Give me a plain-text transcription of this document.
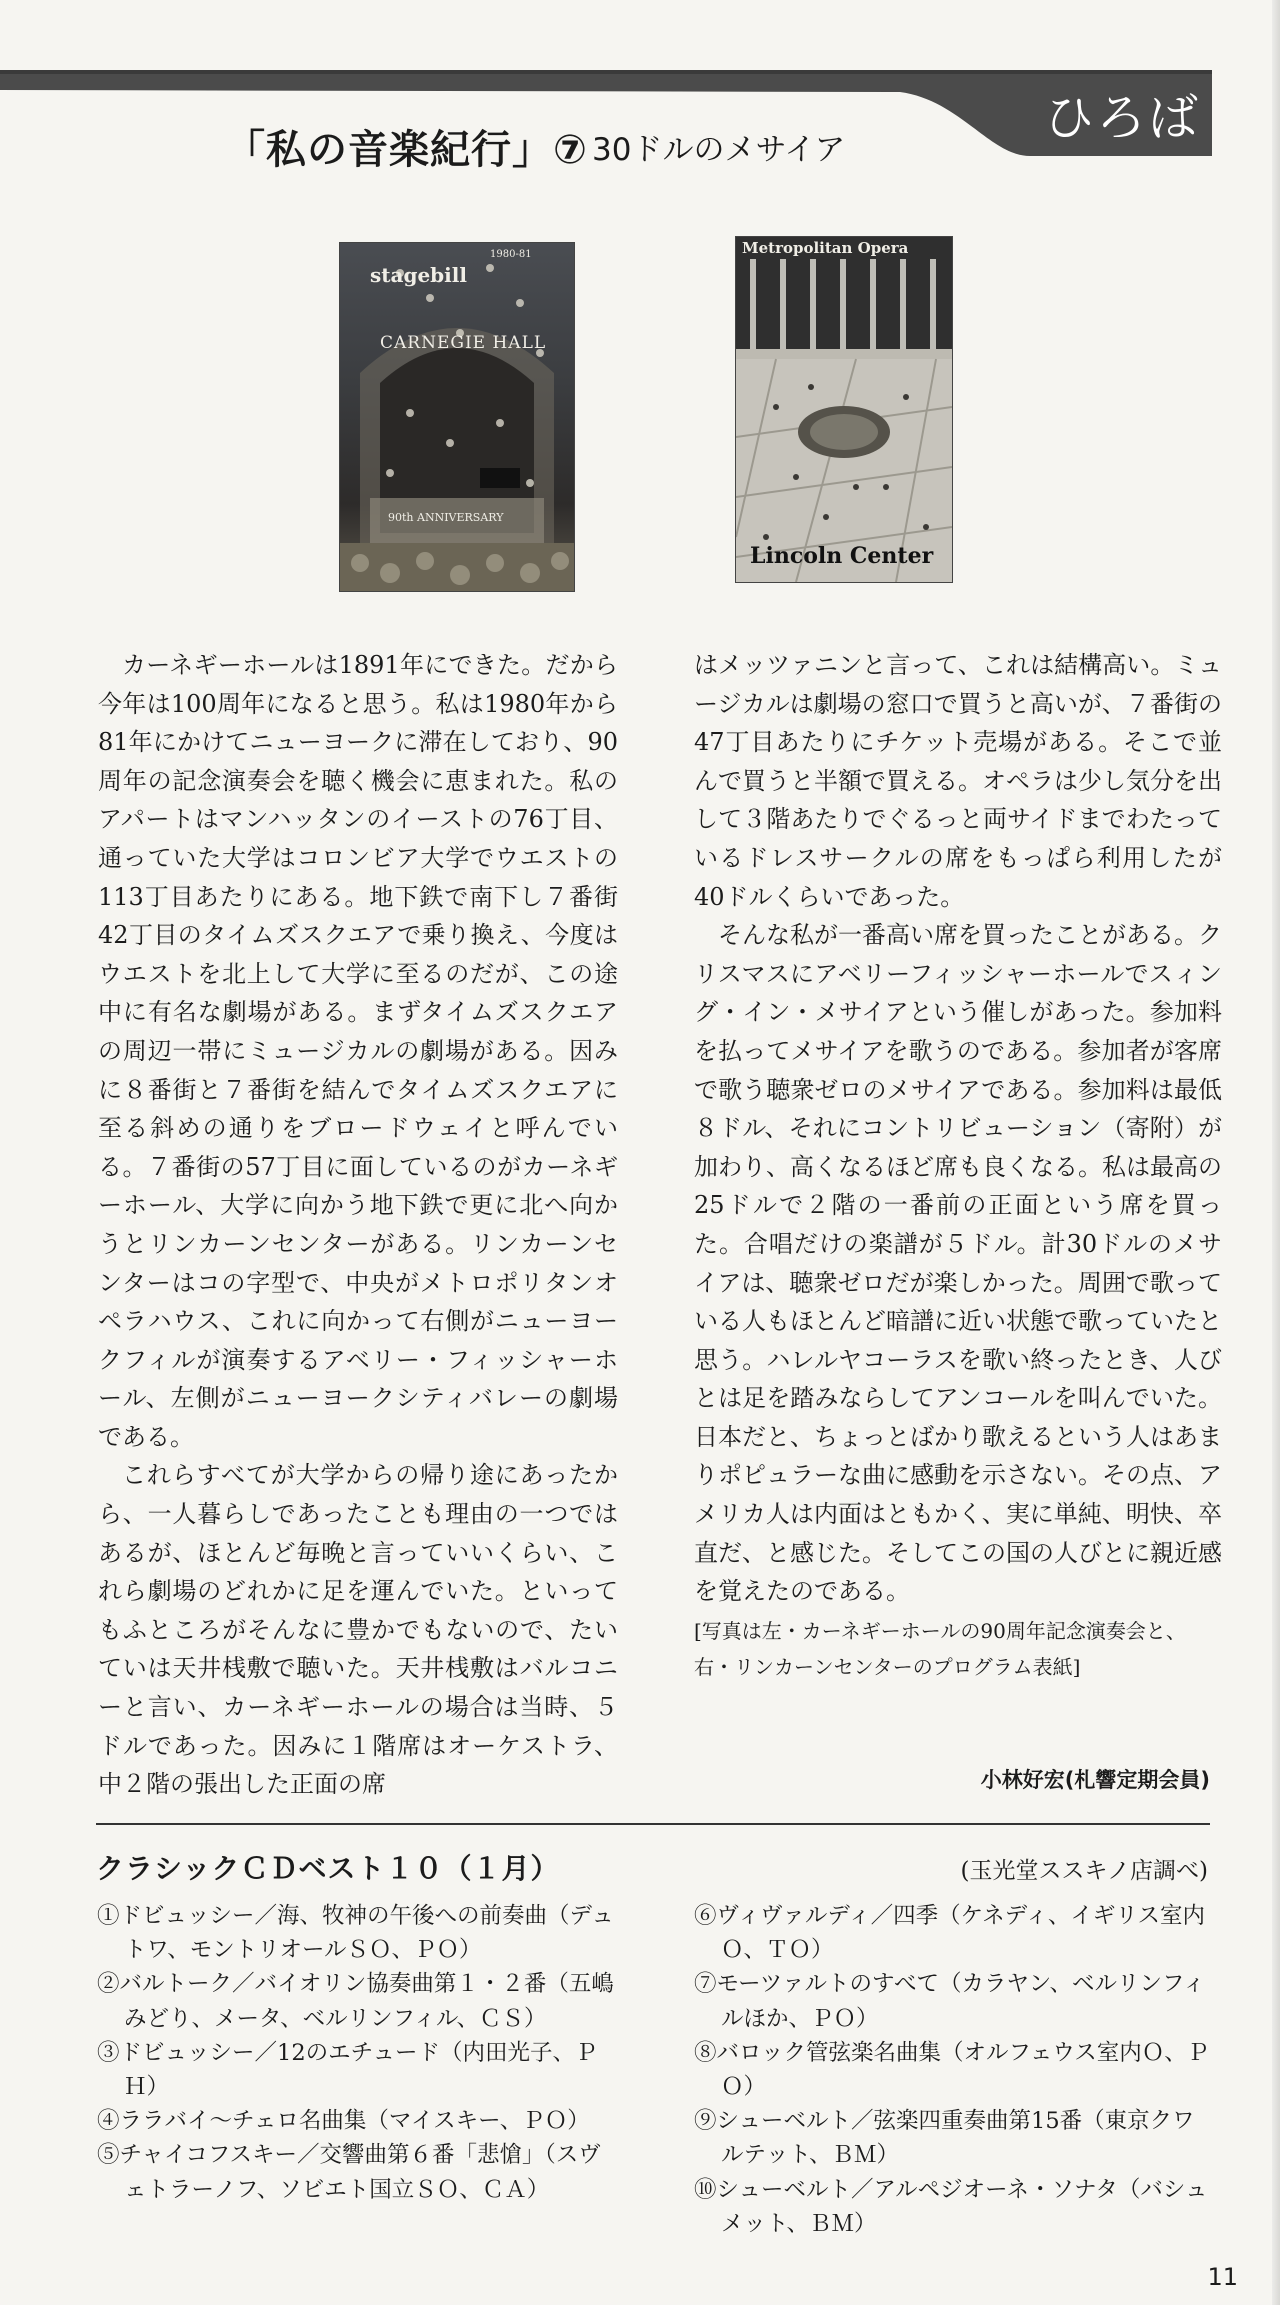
ひろば
「私の音楽紀行」⑦ 30ドルのメサイア
stagebill
1980-81
CARNEGIE HALL
90th ANNIVERSARY
Metropolitan Opera
Lincoln Center

カーネギーホールは1891年にできた。だから今年は100周年になると思う。私は1980年から81年にかけてニューヨークに滞在しており、90周年の記念演奏会を聴く機会に恵まれた。私のアパートはマンハッタンのイーストの76丁目、通っていた大学はコロンビア大学でウエストの113丁目あたりにある。地下鉄で南下し７番街42丁目のタイムズスクエアで乗り換え、今度はウエストを北上して大学に至るのだが、この途中に有名な劇場がある。まずタイムズスクエアの周辺一帯にミュージカルの劇場がある。因みに８番街と７番街を結んでタイムズスクエアに至る斜めの通りをブロードウェイと呼んでいる。７番街の57丁目に面しているのがカーネギーホール、大学に向かう地下鉄で更に北へ向かうとリンカーンセンターがある。リンカーンセンターはコの字型で、中央がメトロポリタンオペラハウス、これに向かって右側がニューヨークフィルが演奏するアベリー・フィッシャーホール、左側がニューヨークシティバレーの劇場である。

これらすべてが大学からの帰り途にあったから、一人暮らしであったことも理由の一つではあるが、ほとんど毎晩と言っていいくらい、これら劇場のどれかに足を運んでいた。といってもふところがそんなに豊かでもないので、たいていは天井桟敷で聴いた。天井桟敷はバルコニーと言い、カーネギーホールの場合は当時、５ドルであった。因みに１階席はオーケストラ、中２階の張出した正面の席

はメッツァニンと言って、これは結構高い。ミュージカルは劇場の窓口で買うと高いが、７番街の47丁目あたりにチケット売場がある。そこで並んで買うと半額で買える。オペラは少し気分を出して３階あたりでぐるっと両サイドまでわたっているドレスサークルの席をもっぱら利用したが40ドルくらいであった。

そんな私が一番高い席を買ったことがある。クリスマスにアベリーフィッシャーホールでスィング・イン・メサイアという催しがあった。参加料を払ってメサイアを歌うのである。参加者が客席で歌う聴衆ゼロのメサイアである。参加料は最低８ドル、それにコントリビューション（寄附）が加わり、高くなるほど席も良くなる。私は最高の25ドルで２階の一番前の正面という席を買った。合唱だけの楽譜が５ドル。計30ドルのメサイアは、聴衆ゼロだが楽しかった。周囲で歌っている人もほとんど暗譜に近い状態で歌っていたと思う。ハレルヤコーラスを歌い終ったとき、人びとは足を踏みならしてアンコールを叫んでいた。日本だと、ちょっとばかり歌えるという人はあまりポピュラーな曲に感動を示さない。その点、アメリカ人は内面はともかく、実に単純、明快、卒直だ、と感じた。そしてこの国の人びとに親近感を覚えたのである。

[写真は左・カーネギーホールの90周年記念演奏会と、
右・リンカーンセンターのプログラム表紙]
小林好宏(札響定期会員)
クラシックＣＤベスト１０（１月）	(玉光堂ススキノ店調べ)
①ドビュッシー／海、牧神の午後への前奏曲（デュトワ、モントリオールＳＯ、ＰＯ）
②バルトーク／バイオリン協奏曲第１・２番（五嶋みどり、メータ、ベルリンフィル、ＣＳ）
③ドビュッシー／12のエチュード（内田光子、ＰＨ）
④ララバイ～チェロ名曲集（マイスキー、ＰＯ）
⑤チャイコフスキー／交響曲第６番「悲愴」（スヴェトラーノフ、ソビエト国立ＳＯ、ＣＡ）
⑥ヴィヴァルディ／四季（ケネディ、イギリス室内Ｏ、ＴＯ）
⑦モーツァルトのすべて（カラヤン、ベルリンフィルほか、ＰＯ）
⑧バロック管弦楽名曲集（オルフェウス室内Ｏ、ＰＯ）
⑨シューベルト／弦楽四重奏曲第15番（東京クワルテット、ＢＭ）
⑩シューベルト／アルペジオーネ・ソナタ（バシュメット、ＢＭ）
11
